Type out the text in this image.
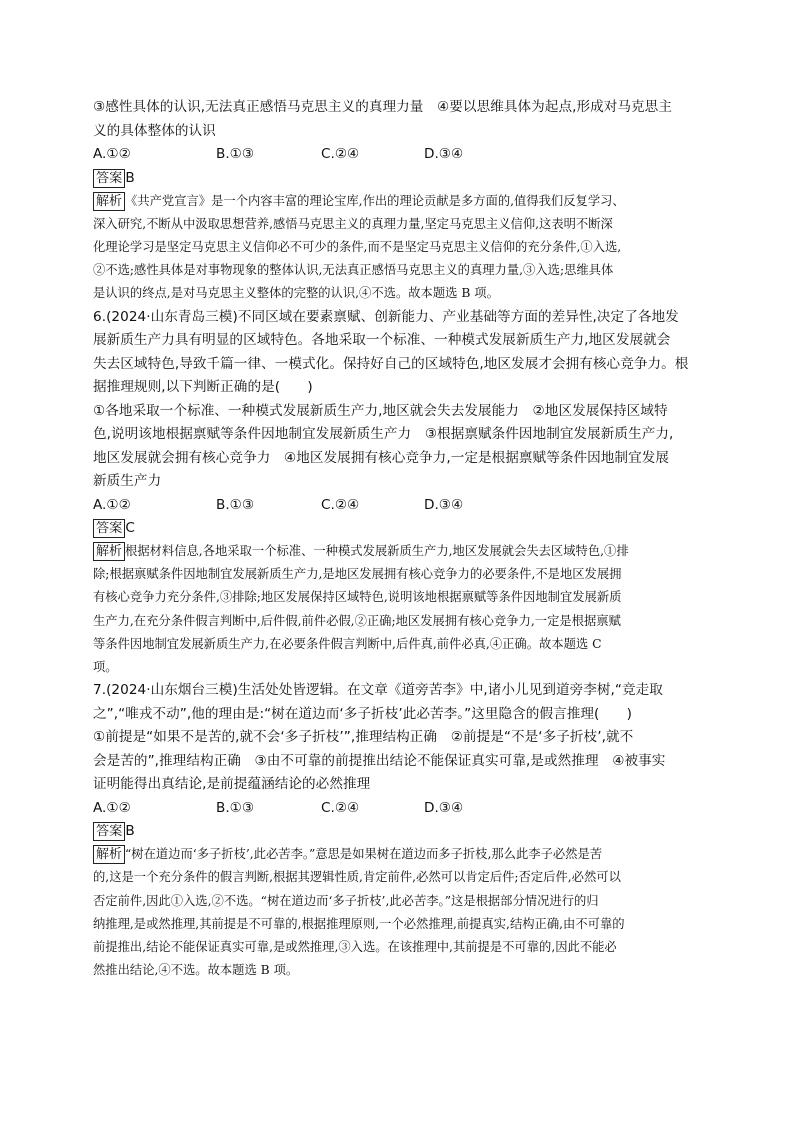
③感性具体的认识,无法真正感悟马克思主义的真理力量　④要以思维具体为起点,形成对马克思主
义的具体整体的认识
A.①②	B.①③	C.②④	D.③④
答案 B
解析 《共产党宣言》是一个内容丰富的理论宝库,作出的理论贡献是多方面的,值得我们反复学习、
深入研究,不断从中汲取思想营养,感悟马克思主义的真理力量,坚定马克思主义信仰,这表明不断深
化理论学习是坚定马克思主义信仰必不可少的条件,而不是坚定马克思主义信仰的充分条件,①入选,
②不选;感性具体是对事物现象的整体认识,无法真正感悟马克思主义的真理力量,③入选;思维具体
是认识的终点,是对马克思主义整体的完整的认识,④不选。故本题选 B 项。
6.(2024·山东青岛三模)不同区域在要素禀赋、创新能力、产业基础等方面的差异性,决定了各地发
展新质生产力具有明显的区域特色。各地采取一个标准、一种模式发展新质生产力,地区发展就会
失去区域特色,导致千篇一律、一模式化。保持好自己的区域特色,地区发展才会拥有核心竞争力。根
据推理规则,以下判断正确的是(　　)
①各地采取一个标准、一种模式发展新质生产力,地区就会失去发展能力　②地区发展保持区域特
色,说明该地根据禀赋等条件因地制宜发展新质生产力　③根据禀赋条件因地制宜发展新质生产力,
地区发展就会拥有核心竞争力　④地区发展拥有核心竞争力,一定是根据禀赋等条件因地制宜发展
新质生产力
A.①②	B.①③	C.②④	D.③④
答案 C
解析 根据材料信息,各地采取一个标准、一种模式发展新质生产力,地区发展就会失去区域特色,①排
除;根据禀赋条件因地制宜发展新质生产力,是地区发展拥有核心竞争力的必要条件,不是地区发展拥
有核心竞争力充分条件,③排除;地区发展保持区域特色,说明该地根据禀赋等条件因地制宜发展新质
生产力,在充分条件假言判断中,后件假,前件必假,②正确;地区发展拥有核心竞争力,一定是根据禀赋
等条件因地制宜发展新质生产力,在必要条件假言判断中,后件真,前件必真,④正确。故本题选 C
项。
7.(2024·山东烟台三模)生活处处皆逻辑。在文章《道旁苦李》中,诸小儿见到道旁李树,“竞走取
之”,“唯戎不动”,他的理由是:“树在道边而‘多子折枝’此必苦李。”这里隐含的假言推理(　　)
①前提是“如果不是苦的,就不会‘多子折枝’”,推理结构正确　②前提是“不是‘多子折枝’,就不
会是苦的”,推理结构正确　③由不可靠的前提推出结论不能保证真实可靠,是或然推理　④被事实
证明能得出真结论,是前提蕴涵结论的必然推理
A.①②	B.①③	C.②④	D.③④
答案 B
解析 “树在道边而‘多子折枝’,此必苦李。”意思是如果树在道边而多子折枝,那么此李子必然是苦
的,这是一个充分条件的假言判断,根据其逻辑性质,肯定前件,必然可以肯定后件;否定后件,必然可以
否定前件,因此①入选,②不选。“树在道边而‘多子折枝’,此必苦李。”这是根据部分情况进行的归
纳推理,是或然推理,其前提是不可靠的,根据推理原则,一个必然推理,前提真实,结构正确,由不可靠的
前提推出,结论不能保证真实可靠,是或然推理,③入选。在该推理中,其前提是不可靠的,因此不能必
然推出结论,④不选。故本题选 B 项。
